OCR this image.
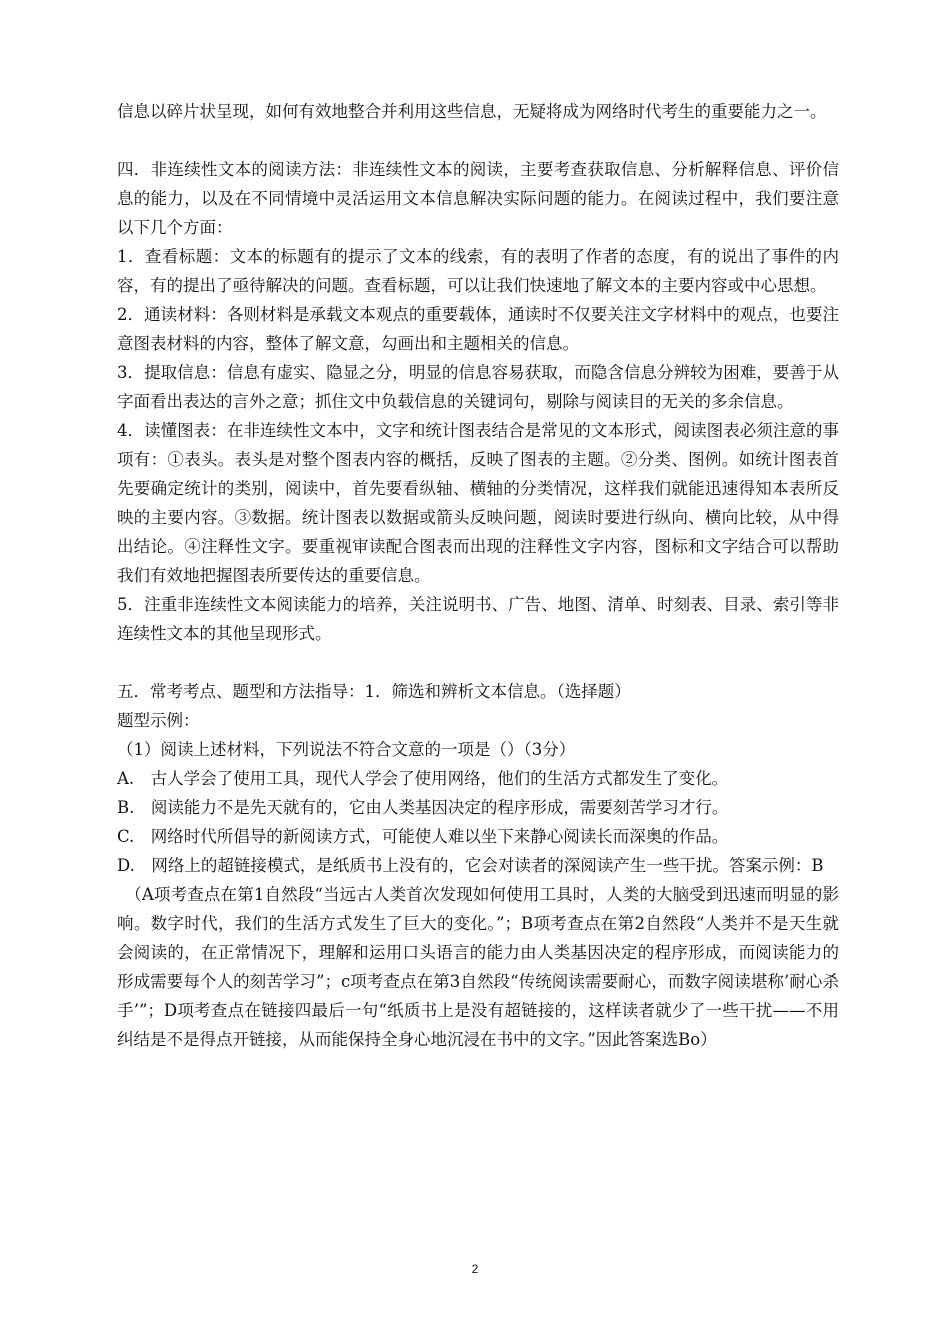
信息以碎片状呈现，如何有效地整合并利用这些信息，无疑将成为网络时代考生的重要能力之一。

四．非连续性文本的阅读方法：非连续性文本的阅读，主要考查获取信息、分析解释信息、评价信息的能力，以及在不同情境中灵活运用文本信息解决实际问题的能力。在阅读过程中，我们要注意以下几个方面：

1．查看标题：文本的标题有的提示了文本的线索，有的表明了作者的态度，有的说出了事件的内容，有的提出了亟待解决的问题。查看标题，可以让我们快速地了解文本的主要内容或中心思想。

2．通读材料：各则材料是承载文本观点的重要载体，通读时不仅要关注文字材料中的观点，也要注意图表材料的内容，整体了解文意，勾画出和主题相关的信息。

3．提取信息：信息有虚实、隐显之分，明显的信息容易获取，而隐含信息分辨较为困难，要善于从字面看出表达的言外之意；抓住文中负载信息的关键词句，剔除与阅读目的无关的多余信息。

4．读懂图表：在非连续性文本中，文字和统计图表结合是常见的文本形式，阅读图表必须注意的事项有：①表头。表头是对整个图表内容的概括，反映了图表的主题。②分类、图例。如统计图表首先要确定统计的类别，阅读中，首先要看纵轴、横轴的分类情况，这样我们就能迅速得知本表所反映的主要内容。③数据。统计图表以数据或箭头反映问题，阅读时要进行纵向、横向比较，从中得出结论。④注释性文字。要重视审读配合图表而出现的注释性文字内容，图标和文字结合可以帮助我们有效地把握图表所要传达的重要信息。

5．注重非连续性文本阅读能力的培养，关注说明书、广告、地图、清单、时刻表、目录、索引等非连续性文本的其他呈现形式。

五．常考考点、题型和方法指导：1．筛选和辨析文本信息。（选择题）

题型示例：

（1）阅读上述材料，下列说法不符合文意的一项是（）（3分）

A.　古人学会了使用工具，现代人学会了使用网络，他们的生活方式都发生了变化。

B.　阅读能力不是先天就有的，它由人类基因决定的程序形成，需要刻苦学习才行。

C.　网络时代所倡导的新阅读方式，可能使人难以坐下来静心阅读长而深奥的作品。

D.　网络上的超链接模式，是纸质书上没有的，它会对读者的深阅读产生一些干扰。答案示例：B

（A项考查点在第1自然段“当远古人类首次发现如何使用工具时，人类的大脑受到迅速而明显的影响。数字时代，我们的生活方式发生了巨大的变化。”；B项考查点在第2自然段“人类并不是天生就会阅读的，在正常情况下，理解和运用口头语言的能力由人类基因决定的程序形成，而阅读能力的形成需要每个人的刻苦学习”；c项考查点在第3自然段“传统阅读需要耐心，而数字阅读堪称’耐心杀手’”；D项考查点在链接四最后一句“纸质书上是没有超链接的，这样读者就少了一些干扰——不用纠结是不是得点开链接，从而能保持全身心地沉浸在书中的文字。”因此答案选Bo）

2
